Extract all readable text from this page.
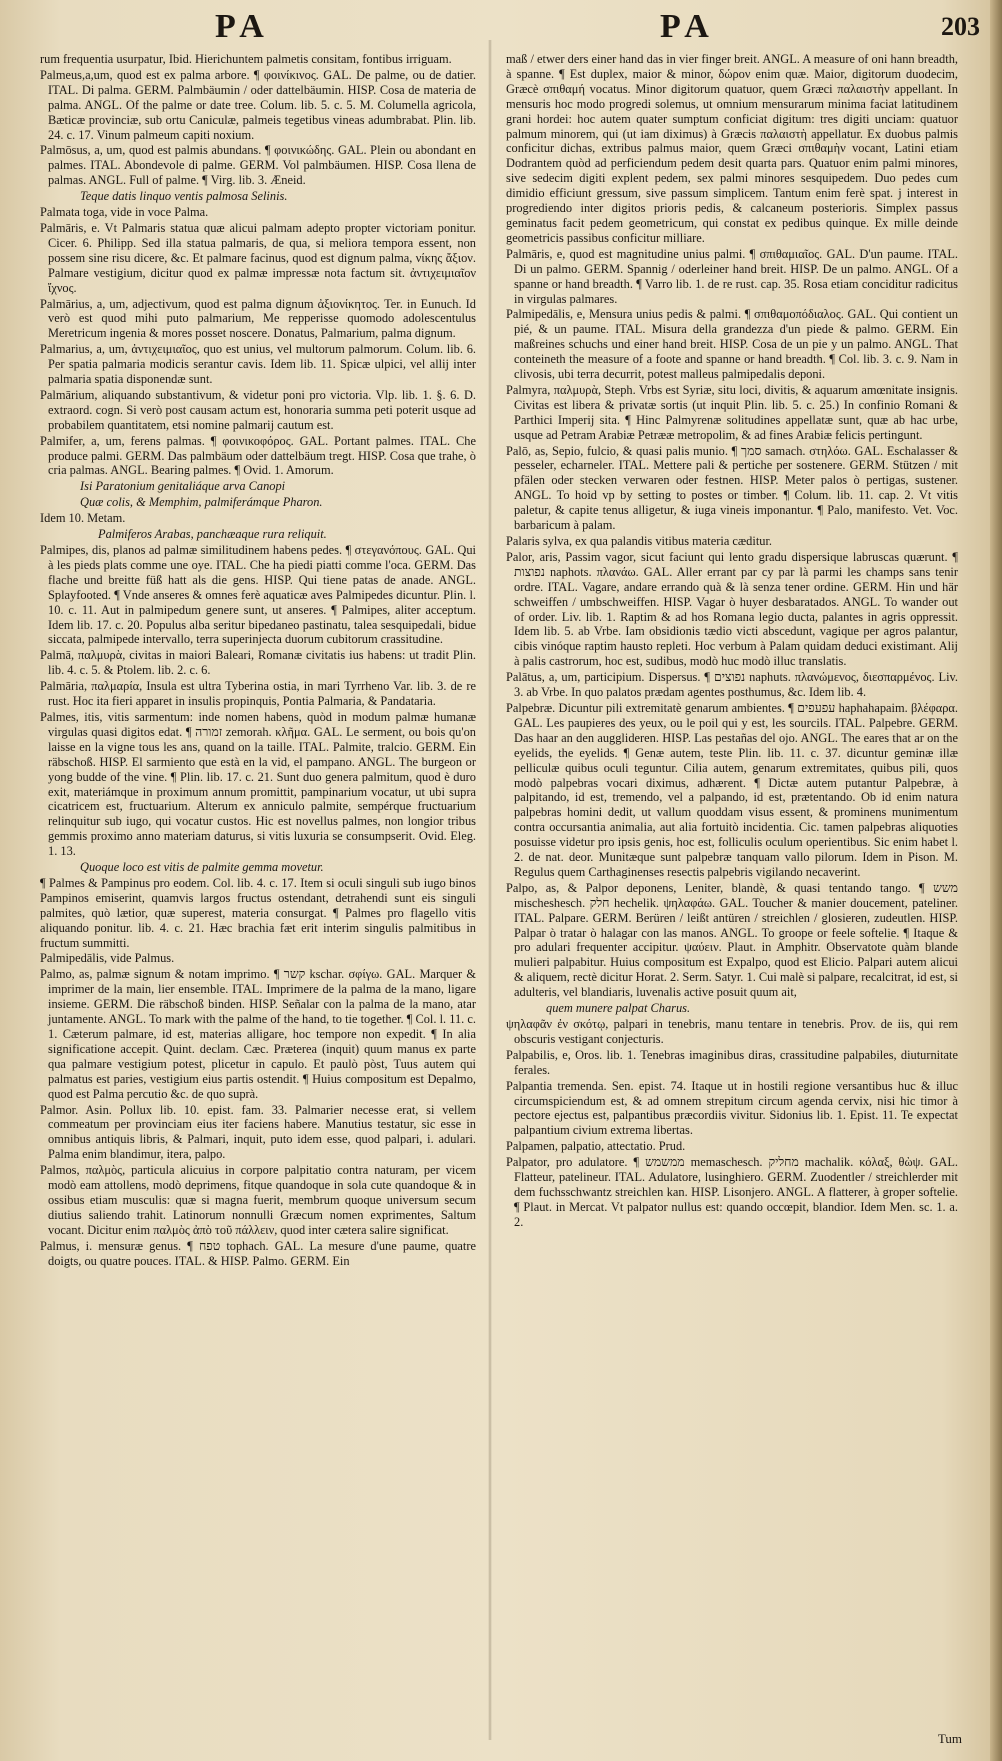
PA	PA	203

rum frequentia usurpatur, Ibid. Hierichuntem palmetis consitam, fontibus irriguam.

Palmeus,a,um, quod est ex palma arbore. ¶ φοινίκινος. GAL. De palme, ou de datier. ITAL. Di palma. GERM. Palmbäumin / oder dattelbäumin. HISP. Cosa de materia de palma. ANGL. Of the palme or date tree. Colum. lib. 5. c. 5. M. Columella agricola, Bæticæ provinciæ, sub ortu Caniculæ, palmeis tegetibus vineas adumbrabat. Plin. lib. 24. c. 17. Vinum palmeum capiti noxium.

Palmōsus, a, um, quod est palmis abundans. ¶ φοινικώδης. GAL. Plein ou abondant en palmes. ITAL. Abondevole di palme. GERM. Vol palmbäumen. HISP. Cosa llena de palmas. ANGL. Full of palme. ¶ Virg. lib. 3. Æneid.

Teque datis linquo ventis palmosa Selinis.

Palmata toga, vide in voce Palma.

Palmāris, e. Vt Palmaris statua quæ alicui palmam adepto propter victoriam ponitur. Cicer. 6. Philipp. Sed illa statua palmaris, de qua, si meliora tempora essent, non possem sine risu dicere, &c. Et palmare facinus, quod est dignum palma, νίκης ἄξιον. Palmare vestigium, dicitur quod ex palmæ impressæ nota factum sit. ἀντιχειμιαῖον ἴχνος.

Palmārius, a, um, adjectivum, quod est palma dignum ἀξιονίκητος. Ter. in Eunuch. Id verò est quod mihi puto palmarium, Me repperisse quomodo adolescentulus Meretricum ingenia & mores posset noscere. Donatus, Palmarium, palma dignum.

Palmarius, a, um, ἀντιχειμιαῖος, quo est unius, vel multorum palmorum. Colum. lib. 6. Per spatia palmaria modicis serantur cavis. Idem lib. 11. Spicæ ulpici, vel allij inter palmaria spatia disponendæ sunt.

Palmārium, aliquando substantivum, & videtur poni pro victoria. Vlp. lib. 1. §. 6. D. extraord. cogn. Si verò post causam actum est, honoraria summa peti poterit usque ad probabilem quantitatem, etsi nomine palmarij cautum est.

Palmifer, a, um, ferens palmas. ¶ φοινικοφόρος. GAL. Portant palmes. ITAL. Che produce palmi. GERM. Das palmbäum oder dattelbäum tregt. HISP. Cosa que trahe, ò cria palmas. ANGL. Bearing palmes. ¶ Ovid. 1. Amorum.

Isi Paratonium genitaliáque arva Canopi

Quæ colis, & Memphim, palmiferámque Pharon.

Idem 10. Metam.

Palmiferos Arabas, panchæaque rura reliquit.

Palmipes, dis, planos ad palmæ similitudinem habens pedes. ¶ στεγανόπους. GAL. Qui à les pieds plats comme une oye. ITAL. Che ha piedi piatti comme l'oca. GERM. Das flache und breitte füß hatt als die gens. HISP. Qui tiene patas de anade. ANGL. Splayfooted. ¶ Vnde anseres & omnes ferè aquaticæ aves Palmipedes dicuntur. Plin. l. 10. c. 11. Aut in palmipedum genere sunt, ut anseres. ¶ Palmipes, aliter acceptum. Idem lib. 17. c. 20. Populus alba seritur bipedaneo pastinatu, talea sesquipedali, bidue siccata, palmipede intervallo, terra superinjecta duorum cubitorum crassitudine.

Palmā, παλμυρὰ, civitas in maiori Baleari, Romanæ civitatis ius habens: ut tradit Plin. lib. 4. c. 5. & Ptolem. lib. 2. c. 6.

Palmāria, παλμαρία, Insula est ultra Tyberina ostia, in mari Tyrrheno Var. lib. 3. de re rust. Hoc ita fieri apparet in insulis propinquis, Pontia Palmaria, & Pandataria.

Palmes, itis, vitis sarmentum: inde nomen habens, quòd in modum palmæ humanæ virgulas quasi digitos edat. ¶ זמורה zemorah. κλῆμα. GAL. Le serment, ou bois qu'on laisse en la vigne tous les ans, quand on la taille. ITAL. Palmite, tralcio. GERM. Ein räbschoß. HISP. El sarmiento que està en la vid, el pampano. ANGL. The burgeon or yong budde of the vine. ¶ Plin. lib. 17. c. 21. Sunt duo genera palmitum, quod è duro exit, materiámque in proximum annum promittit, pampinarium vocatur, ut ubi supra cicatricem est, fructuarium. Alterum ex anniculo palmite, sempérque fructuarium relinquitur sub iugo, qui vocatur custos. Hic est novellus palmes, non longior tribus gemmis proximo anno materiam daturus, si vitis luxuria se consumpserit. Ovid. Eleg. 1. 13.

Quoque loco est vitis de palmite gemma movetur.

¶ Palmes & Pampinus pro eodem. Col. lib. 4. c. 17. Item si oculi singuli sub iugo binos Pampinos emiserint, quamvis largos fructus ostendant, detrahendi sunt eis singuli palmites, quò lætior, quæ superest, materia consurgat. ¶ Palmes pro flagello vitis aliquando ponitur. lib. 4. c. 21. Hæc brachia fæt erit interim singulis palmitibus in fructum summitti.

Palmipedālis, vide Palmus.

Palmo, as, palmæ signum & notam imprimo. ¶ קשר kschar. σφίγω. GAL. Marquer & imprimer de la main, lier ensemble. ITAL. Imprimere de la palma de la mano, ligare insieme. GERM. Die räbschoß binden. HISP. Señalar con la palma de la mano, atar juntamente. ANGL. To mark with the palme of the hand, to tie together. ¶ Col. l. 11. c. 1. Cæterum palmare, id est, materias alligare, hoc tempore non expedit. ¶ In alia significatione accepit. Quint. declam. Cæc. Præterea (inquit) quum manus ex parte qua palmare vestigium potest, plicetur in capulo. Et paulò pòst, Tuus autem qui palmatus est paries, vestigium eius partis ostendit. ¶ Huius compositum est Depalmo, quod est Palma percutio &c. de quo suprà.

Palmor. Asin. Pollux lib. 10. epist. fam. 33. Palmarier necesse erat, si vellem commeatum per provinciam eius iter faciens habere. Manutius testatur, sic esse in omnibus antiquis libris, & Palmari, inquit, puto idem esse, quod palpari, i. adulari. Palma enim blandimur, itera, palpo.

Palmos, παλμὸς, particula alicuius in corpore palpitatio contra naturam, per vicem modò eam attollens, modò deprimens, fitque quandoque in sola cute quandoque & in ossibus etiam musculis: quæ si magna fuerit, membrum quoque universum secum diutius saliendo trahit. Latinorum nonnulli Græcum nomen exprimentes, Saltum vocant. Dicitur enim παλμὸς ἀπὸ τοῦ πάλλειν, quod inter cætera salire significat.

Palmus, i. mensuræ genus. ¶ טפח tophach. GAL. La mesure d'une paume, quatre doigts, ou quatre pouces. ITAL. & HISP. Palmo. GERM. Ein

maß / etwer ders einer hand das in vier finger breit. ANGL. A measure of oni hann breadth, à spanne. ¶ Est duplex, maior & minor, δώρον enim quæ. Maior, digitorum duodecim, Græcè σπιθαμή vocatus. Minor digitorum quatuor, quem Græci παλαιστὴν appellant. In mensuris hoc modo progredi solemus, ut omnium mensurarum minima faciat latitudinem grani hordei: hoc autem quater sumptum conficiat digitum: tres digiti unciam: quatuor palmum minorem, qui (ut iam diximus) à Græcis παλαιστὴ appellatur. Ex duobus palmis conficitur dichas, extribus palmus maior, quem Græci σπιθαμὴν vocant, Latini etiam Dodrantem quòd ad perficiendum pedem desit quarta pars. Quatuor enim palmi minores, sive sedecim digiti explent pedem, sex palmi minores sesquipedem. Duo pedes cum dimidio efficiunt gressum, sive passum simplicem. Tantum enim ferè spat. j interest in progrediendo inter digitos prioris pedis, & calcaneum posterioris. Simplex passus geminatus facit pedem geometricum, qui constat ex pedibus quinque. Ex mille deinde geometricis passibus conficitur milliare.

Palmāris, e, quod est magnitudine unius palmi. ¶ σπιθαμιαῖος. GAL. D'un paume. ITAL. Di un palmo. GERM. Spannig / oderleiner hand breit. HISP. De un palmo. ANGL. Of a spanne or hand breadth. ¶ Varro lib. 1. de re rust. cap. 35. Rosa etiam conciditur radicitus in virgulas palmares.

Palmipedālis, e, Mensura unius pedis & palmi. ¶ σπιθαμοπόδιαλος. GAL. Qui contient un pié, & un paume. ITAL. Misura della grandezza d'un piede & palmo. GERM. Ein maßreines schuchs und einer hand breit. HISP. Cosa de un pie y un palmo. ANGL. That conteineth the measure of a foote and spanne or hand breadth. ¶ Col. lib. 3. c. 9. Nam in clivosis, ubi terra decurrit, potest malleus palmipedalis deponi.

Palmyra, παλμυρὰ, Steph. Vrbs est Syriæ, situ loci, divitis, & aquarum amœnitate insignis. Civitas est libera & privatæ sortis (ut inquit Plin. lib. 5. c. 25.) In confinio Romani & Parthici Imperij sita. ¶ Hinc Palmyrenæ solitudines appellatæ sunt, quæ ab hac urbe, usque ad Petram Arabiæ Petrææ metropolim, & ad fines Arabiæ felicis pertingunt.

Palō, as, Sepio, fulcio, & quasi palis munio. ¶ סמך samach. στηλόω. GAL. Eschalasser & pesseler, echarneler. ITAL. Mettere pali & pertiche per sostenere. GERM. Stützen / mit pfälen oder stecken verwaren oder festnen. HISP. Meter palos ò pertigas, sustener. ANGL. To hoid vp by setting to postes or timber. ¶ Colum. lib. 11. cap. 2. Vt vitis paletur, & capite tenus alligetur, & iuga vineis imponantur. ¶ Palo, manifesto. Vet. Voc. barbaricum à palam.

Palaris sylva, ex qua palandis vitibus materia cæditur.

Palor, aris, Passim vagor, sicut faciunt qui lento gradu dispersique labruscas quærunt. ¶ נפוצות naphots. πλανάω. GAL. Aller errant par cy par là parmi les champs sans tenir ordre. ITAL. Vagare, andare errando quà & là senza tener ordine. GERM. Hin und här schweiffen / umbschweiffen. HISP. Vagar ò huyer desbaratados. ANGL. To wander out of order. Liv. lib. 1. Raptim & ad hos Romana legio ducta, palantes in agris oppressit. Idem lib. 5. ab Vrbe. Iam obsidionis tædio victi abscedunt, vagique per agros palantur, cibis vinóque raptim hausto repleti. Hoc verbum à Palam quidam deduci existimant. Alij à palis castrorum, hoc est, sudibus, modò huc modò illuc translatis.

Palātus, a, um, participium. Dispersus. ¶ נפוצים naphuts. πλανώμενος, διεσπαρμένος. Liv. 3. ab Vrbe. In quo palatos prædam agentes posthumus, &c. Idem lib. 4.

Palpebræ. Dicuntur pili extremitatè genarum ambientes. ¶ עפעפים haphahapaim. βλέφαρα. GAL. Les paupieres des yeux, ou le poil qui y est, les sourcils. ITAL. Palpebre. GERM. Das haar an den augglideren. HISP. Las pestañas del ojo. ANGL. The eares that ar on the eyelids, the eyelids. ¶ Genæ autem, teste Plin. lib. 11. c. 37. dicuntur geminæ illæ pelliculæ quibus oculi teguntur. Cilia autem, genarum extremitates, quibus pili, quos modò palpebras vocari diximus, adhærent. ¶ Dictæ autem putantur Palpebræ, à palpitando, id est, tremendo, vel a palpando, id est, prætentando. Ob id enim natura palpebras homini dedit, ut vallum quoddam visus essent, & prominens munimentum contra occursantia animalia, aut alia fortuitò incidentia. Cic. tamen palpebras aliquoties posuisse videtur pro ipsis genis, hoc est, folliculis oculum operientibus. Sic enim habet l. 2. de nat. deor. Munitæque sunt palpebræ tanquam vallo pilorum. Idem in Pison. M. Regulus quem Carthaginenses resectis palpebris vigilando necaverint.

Palpo, as, & Palpor deponens, Leniter, blandè, & quasi tentando tango. ¶ משש mischeshesch. חלק hechelik. ψηλαφάω. GAL. Toucher & manier doucement, pateliner. ITAL. Palpare. GERM. Berüren / leißt antüren / streichlen / glosieren, zudeutlen. HISP. Palpar ò tratar ò halagar con las manos. ANGL. To groope or feele softelie. ¶ Itaque & pro adulari frequenter accipitur. ψαύειν. Plaut. in Amphitr. Observatote quàm blande mulieri palpabitur. Huius compositum est Expalpo, quod est Elicio. Palpari autem alicui & aliquem, rectè dicitur Horat. 2. Serm. Satyr. 1. Cui malè si palpare, recalcitrat, id est, si adulteris, vel blandiaris, luvenalis active posuit quum ait,

quem munere palpat Charus.

ψηλαφᾶν ἐν σκότῳ, palpari in tenebris, manu tentare in tenebris. Prov. de iis, qui rem obscuris vestigant conjecturis.

Palpabilis, e, Oros. lib. 1. Tenebras imaginibus diras, crassitudine palpabiles, diuturnitate ferales.

Palpantia tremenda. Sen. epist. 74. Itaque ut in hostili regione versantibus huc & illuc circumspiciendum est, & ad omnem strepitum circum agenda cervix, nisi hic timor à pectore ejectus est, palpantibus præcordiis vivitur. Sidonius lib. 1. Epist. 11. Te expectat palpantium civium extrema libertas.

Palpamen, palpatio, attectatio. Prud.

Palpator, pro adulatore. ¶ ממשמש memaschesch. מחליק machalik. κόλαξ, θὼψ. GAL. Flatteur, patelineur. ITAL. Adulatore, lusinghiero. GERM. Zuodentler / streichlerder mit dem fuchsschwantz streichlen kan. HISP. Lisonjero. ANGL. A flatterer, à groper softelie. ¶ Plaut. in Mercat. Vt palpator nullus est: quando occœpit, blandior. Idem Men. sc. 1. a. 2.

Tum
